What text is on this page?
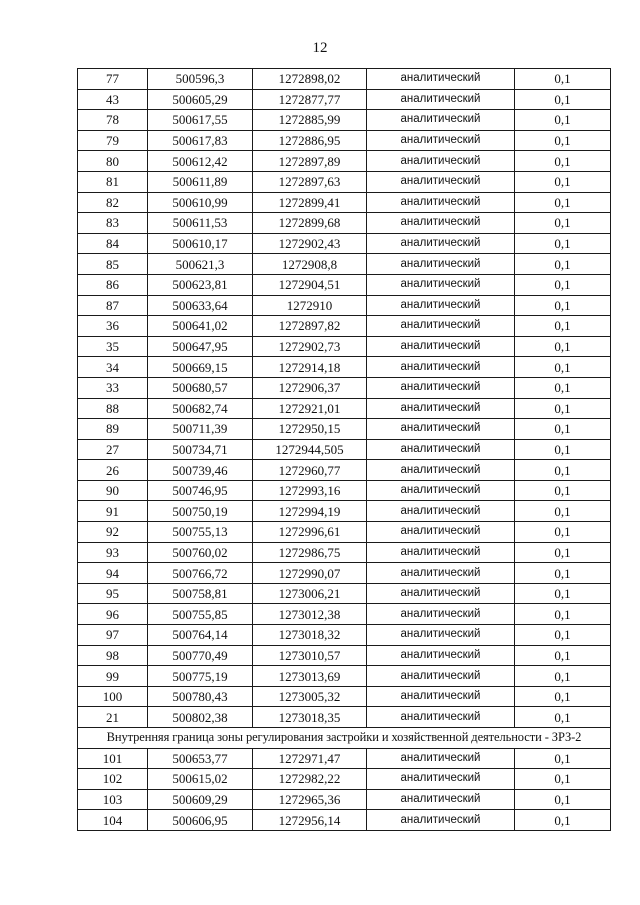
12
77	500596,3	1272898,02	аналитический	0,1
43	500605,29	1272877,77	аналитический	0,1
78	500617,55	1272885,99	аналитический	0,1
79	500617,83	1272886,95	аналитический	0,1
80	500612,42	1272897,89	аналитический	0,1
81	500611,89	1272897,63	аналитический	0,1
82	500610,99	1272899,41	аналитический	0,1
83	500611,53	1272899,68	аналитический	0,1
84	500610,17	1272902,43	аналитический	0,1
85	500621,3	1272908,8	аналитический	0,1
86	500623,81	1272904,51	аналитический	0,1
87	500633,64	1272910	аналитический	0,1
36	500641,02	1272897,82	аналитический	0,1
35	500647,95	1272902,73	аналитический	0,1
34	500669,15	1272914,18	аналитический	0,1
33	500680,57	1272906,37	аналитический	0,1
88	500682,74	1272921,01	аналитический	0,1
89	500711,39	1272950,15	аналитический	0,1
27	500734,71	1272944,505	аналитический	0,1
26	500739,46	1272960,77	аналитический	0,1
90	500746,95	1272993,16	аналитический	0,1
91	500750,19	1272994,19	аналитический	0,1
92	500755,13	1272996,61	аналитический	0,1
93	500760,02	1272986,75	аналитический	0,1
94	500766,72	1272990,07	аналитический	0,1
95	500758,81	1273006,21	аналитический	0,1
96	500755,85	1273012,38	аналитический	0,1
97	500764,14	1273018,32	аналитический	0,1
98	500770,49	1273010,57	аналитический	0,1
99	500775,19	1273013,69	аналитический	0,1
100	500780,43	1273005,32	аналитический	0,1
21	500802,38	1273018,35	аналитический	0,1
Внутренняя граница зоны регулирования застройки и хозяйственной деятельности - ЗРЗ-2				
101	500653,77	1272971,47	аналитический	0,1
102	500615,02	1272982,22	аналитический	0,1
103	500609,29	1272965,36	аналитический	0,1
104	500606,95	1272956,14	аналитический	0,1
